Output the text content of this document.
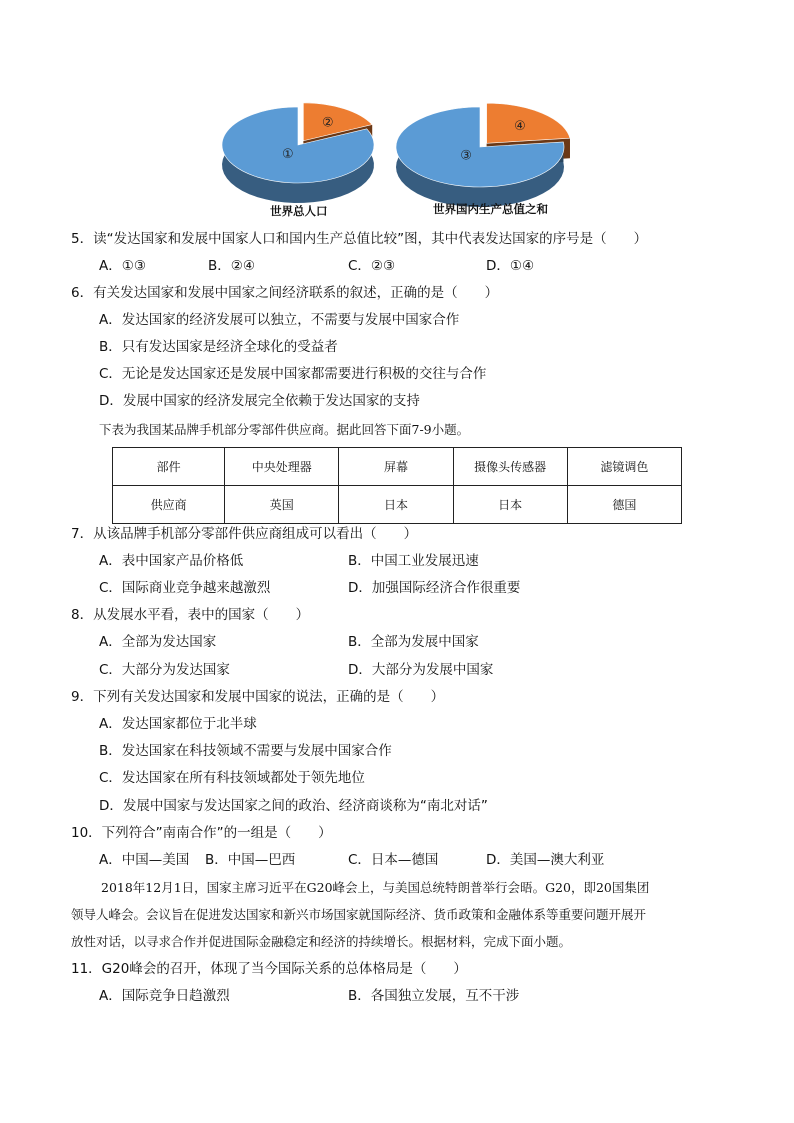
②
①
④
③
世界总人口	世界国内生产总值之和
5．读“发达国家和发展中国家人口和国内生产总值比较”图，其中代表发达国家的序号是（　　）
A．①③	B．②④	C．②③	D．①④
6．有关发达国家和发展中国家之间经济联系的叙述，正确的是（　　）
A．发达国家的经济发展可以独立，不需要与发展中国家合作
B．只有发达国家是经济全球化的受益者
C．无论是发达国家还是发展中国家都需要进行积极的交往与合作
D．发展中国家的经济发展完全依赖于发达国家的支持
下表为我国某品牌手机部分零部件供应商。据此回答下面7-9小题。
部件	中央处理器	屏幕	摄像头传感器	滤镜调色
供应商	英国	日本	日本	德国
7．从该品牌手机部分零部件供应商组成可以看出（　　）
A．表中国家产品价格低	B．中国工业发展迅速
C．国际商业竞争越来越激烈	D．加强国际经济合作很重要
8．从发展水平看，表中的国家（　　）
A．全部为发达国家	B．全部为发展中国家
C．大部分为发达国家	D．大部分为发展中国家
9．下列有关发达国家和发展中国家的说法，正确的是（　　）
A．发达国家都位于北半球
B．发达国家在科技领域不需要与发展中国家合作
C．发达国家在所有科技领域都处于领先地位
D．发展中国家与发达国家之间的政治、经济商谈称为“南北对话”
10．下列符合”南南合作”的一组是（　　）
A．中国—美国 B．中国—巴西	C．日本—德国	D．美国—澳大利亚
2018年12月1日，国家主席习近平在G20峰会上，与美国总统特朗普举行会晤。G20，即20国集团
领导人峰会。会议旨在促进发达国家和新兴市场国家就国际经济、货币政策和金融体系等重要问题开展开
放性对话，以寻求合作并促进国际金融稳定和经济的持续增长。根据材料，完成下面小题。
11．G20峰会的召开，体现了当今国际关系的总体格局是（　　）
A．国际竞争日趋激烈	B．各国独立发展，互不干涉
